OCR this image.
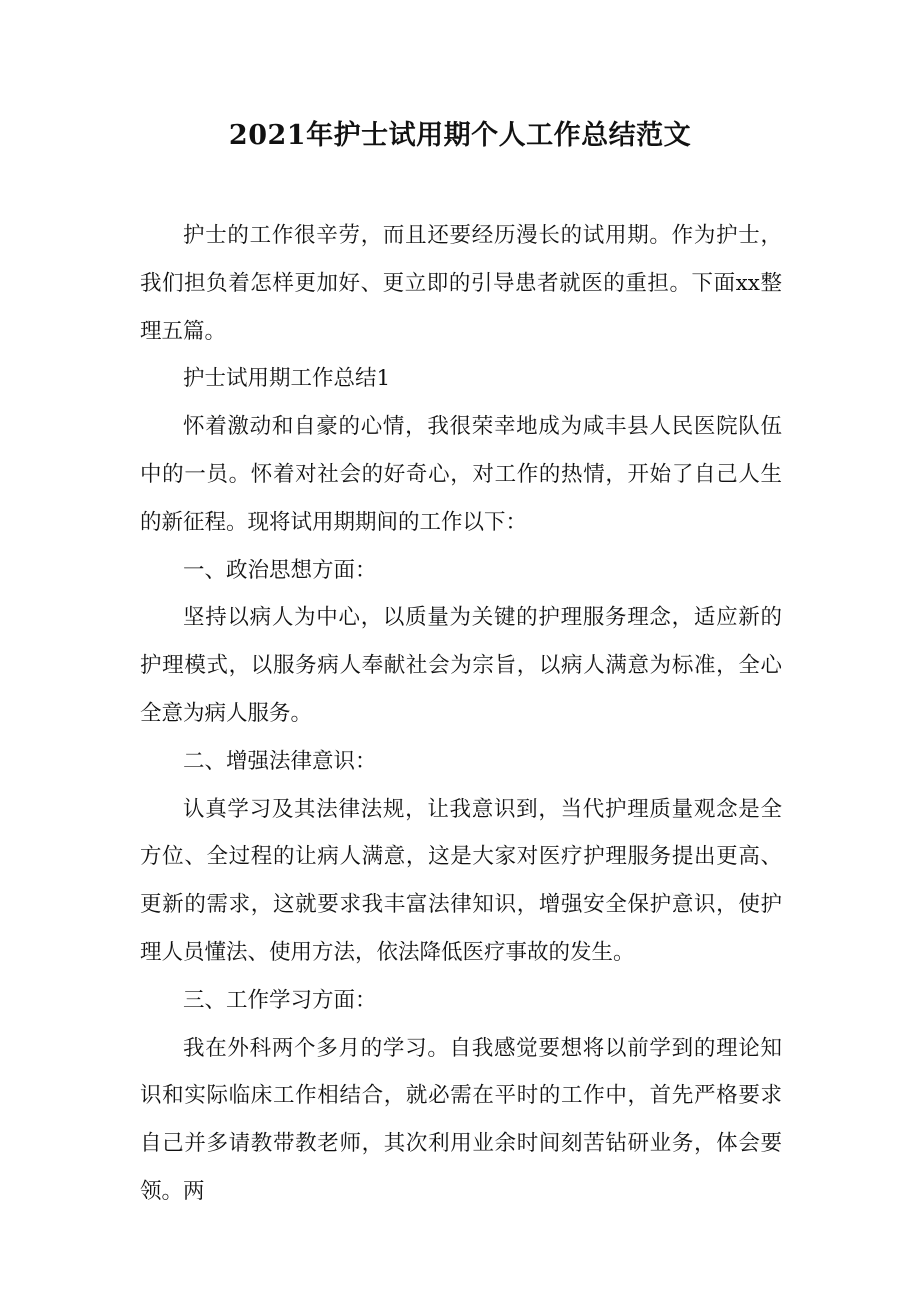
2021年护士试用期个人工作总结范文

护士的工作很辛劳，而且还要经历漫长的试用期。作为护士，我们担负着怎样更加好、更立即的引导患者就医的重担。下面xx整理五篇。

护士试用期工作总结1

怀着激动和自豪的心情，我很荣幸地成为咸丰县人民医院队伍中的一员。怀着对社会的好奇心，对工作的热情，开始了自己人生的新征程。现将试用期期间的工作以下：

一、政治思想方面：

坚持以病人为中心，以质量为关键的护理服务理念，适应新的护理模式，以服务病人奉献社会为宗旨，以病人满意为标准，全心全意为病人服务。

二、增强法律意识：

认真学习及其法律法规，让我意识到，当代护理质量观念是全方位、全过程的让病人满意，这是大家对医疗护理服务提出更高、更新的需求，这就要求我丰富法律知识，增强安全保护意识，使护理人员懂法、使用方法，依法降低医疗事故的发生。

三、工作学习方面：

我在外科两个多月的学习。自我感觉要想将以前学到的理论知识和实际临床工作相结合，就必需在平时的工作中，首先严格要求自己并多请教带教老师，其次利用业余时间刻苦钻研业务，体会要领。两
